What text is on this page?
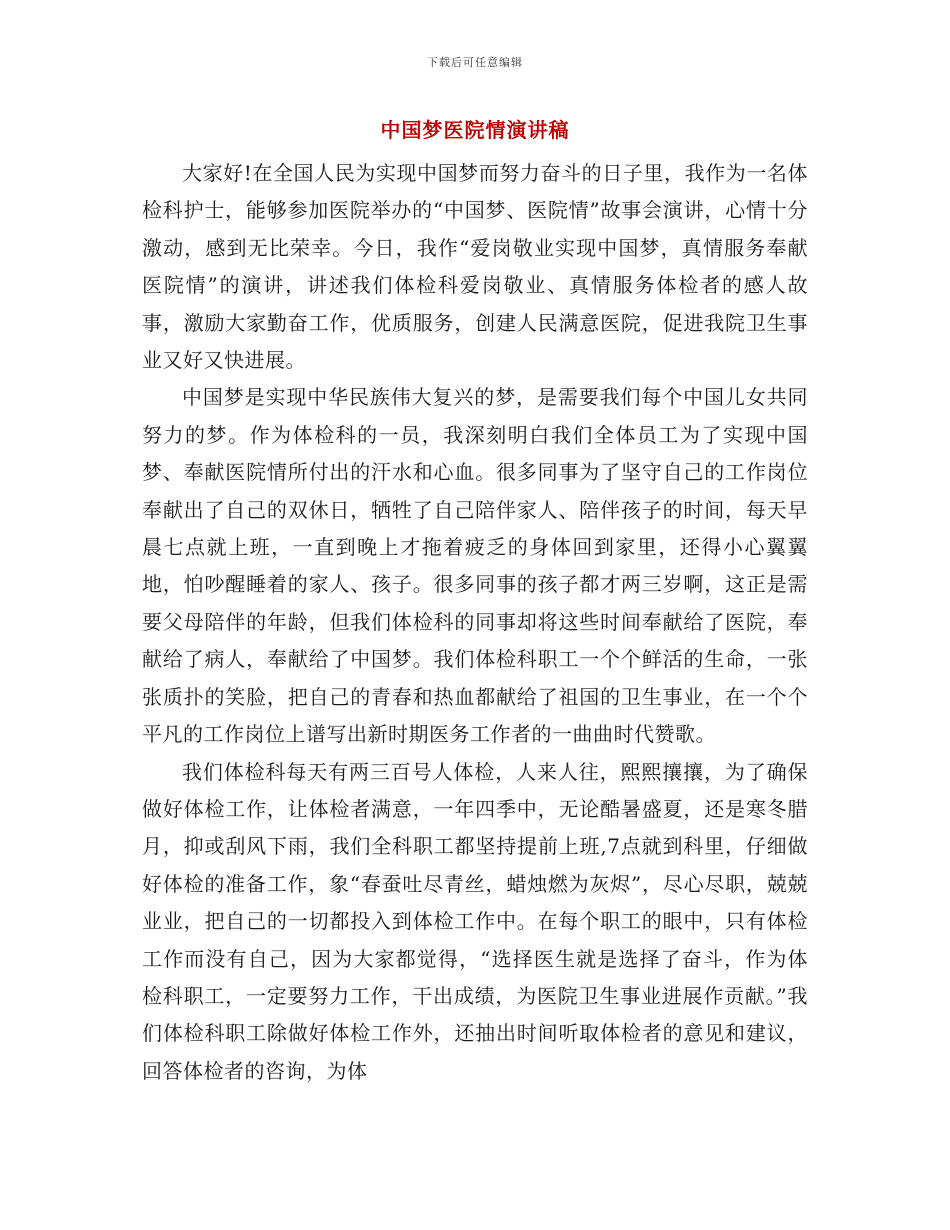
下载后可任意编辑
中国梦医院情演讲稿

大家好!在全国人民为实现中国梦而努力奋斗的日子里，我作为一名体检科护士，能够参加医院举办的“中国梦、医院情”故事会演讲，心情十分激动，感到无比荣幸。今日，我作“爱岗敬业实现中国梦，真情服务奉献医院情”的演讲，讲述我们体检科爱岗敬业、真情服务体检者的感人故事，激励大家勤奋工作，优质服务，创建人民满意医院，促进我院卫生事业又好又快进展。

中国梦是实现中华民族伟大复兴的梦，是需要我们每个中国儿女共同努力的梦。作为体检科的一员，我深刻明白我们全体员工为了实现中国梦、奉献医院情所付出的汗水和心血。很多同事为了坚守自己的工作岗位奉献出了自己的双休日，牺牲了自己陪伴家人、陪伴孩子的时间，每天早晨七点就上班，一直到晚上才拖着疲乏的身体回到家里，还得小心翼翼地，怕吵醒睡着的家人、孩子。很多同事的孩子都才两三岁啊，这正是需要父母陪伴的年龄，但我们体检科的同事却将这些时间奉献给了医院，奉献给了病人，奉献给了中国梦。我们体检科职工一个个鲜活的生命，一张张质扑的笑脸，把自己的青春和热血都献给了祖国的卫生事业，在一个个平凡的工作岗位上谱写出新时期医务工作者的一曲曲时代赞歌。

我们体检科每天有两三百号人体检，人来人往，熙熙攘攘，为了确保做好体检工作，让体检者满意，一年四季中，无论酷暑盛夏，还是寒冬腊月，抑或刮风下雨，我们全科职工都坚持提前上班,7点就到科里，仔细做好体检的准备工作，象“春蚕吐尽青丝，蜡烛燃为灰烬”，尽心尽职，兢兢业业，把自己的一切都投入到体检工作中。在每个职工的眼中，只有体检工作而没有自己，因为大家都觉得，“选择医生就是选择了奋斗，作为体检科职工，一定要努力工作，干出成绩，为医院卫生事业进展作贡献。”我们体检科职工除做好体检工作外，还抽出时间听取体检者的意见和建议，回答体检者的咨询，为体
